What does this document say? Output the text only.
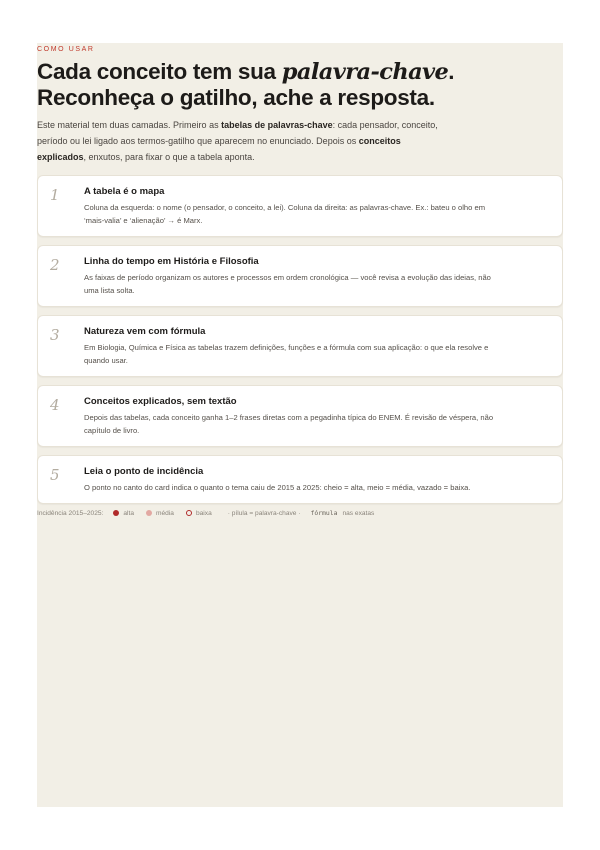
COMO USAR
Cada conceito tem sua palavra-chave.
Reconheça o gatilho, ache a resposta.
Este material tem duas camadas. Primeiro as tabelas de palavras-chave: cada pensador, conceito,
período ou lei ligado aos termos-gatilho que aparecem no enunciado. Depois os conceitos
explicados, enxutos, para fixar o que a tabela aponta.
1	A tabela é o mapa
Coluna da esquerda: o nome (o pensador, o conceito, a lei). Coluna da direita: as palavras-chave. Ex.: bateu o olho em
‘mais-valia’ e ‘alienação’ → é Marx.
2	Linha do tempo em História e Filosofia
As faixas de período organizam os autores e processos em ordem cronológica — você revisa a evolução das ideias, não
uma lista solta.
3	Natureza vem com fórmula
Em Biologia, Química e Física as tabelas trazem definições, funções e a fórmula com sua aplicação: o que ela resolve e
quando usar.
4	Conceitos explicados, sem textão
Depois das tabelas, cada conceito ganha 1–2 frases diretas com a pegadinha típica do ENEM. É revisão de véspera, não
capítulo de livro.
5	Leia o ponto de incidência
O ponto no canto do card indica o quanto o tema caiu de 2015 a 2025: cheio = alta, meio = média, vazado = baixa.
Incidência 2015–2025:	alta	média	baixa · pílula = palavra-chave · fórmula nas exatas
